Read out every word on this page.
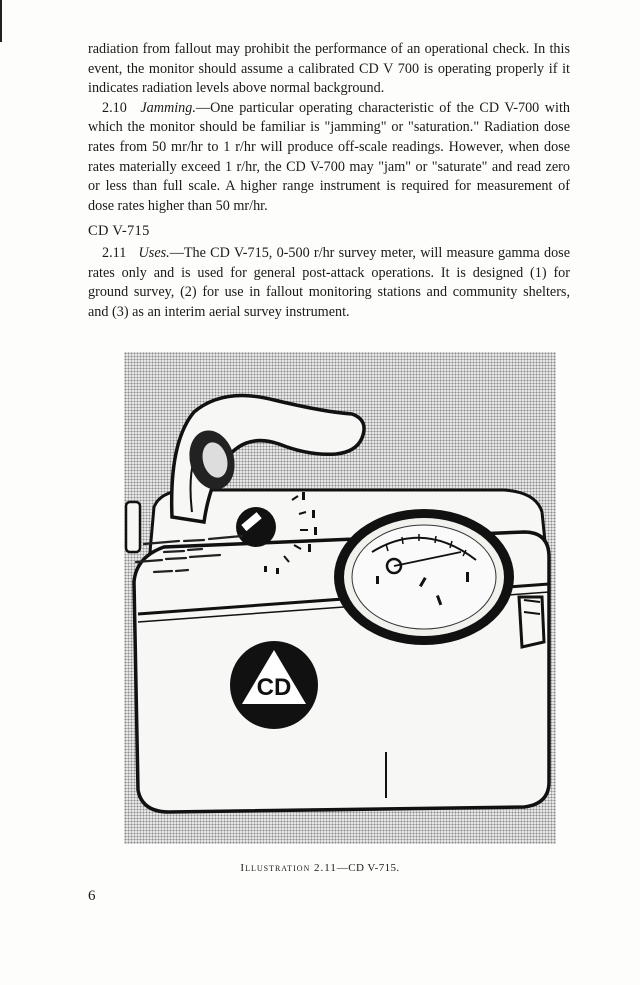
radiation from fallout may prohibit the performance of an operational check. In this event, the monitor should assume a calibrated CD V 700 is operating properly if it indicates radiation levels above normal background.

2.10 Jamming.—One particular operating characteristic of the CD V-700 with which the monitor should be familiar is "jamming" or "saturation." Radiation dose rates from 50 mr/hr to 1 r/hr will produce off-scale readings. However, when dose rates materially exceed 1 r/hr, the CD V-700 may "jam" or "saturate" and read zero or less than full scale. A higher range instrument is required for measurement of dose rates higher than 50 mr/hr.

CD V-715

2.11 Uses.—The CD V-715, 0-500 r/hr survey meter, will measure gamma dose rates only and is used for general post-attack operations. It is designed (1) for ground survey, (2) for use in fallout monitoring stations and community shelters, and (3) as an interim aerial survey instrument.

CD
Illustration 2.11—CD V-715.
6
